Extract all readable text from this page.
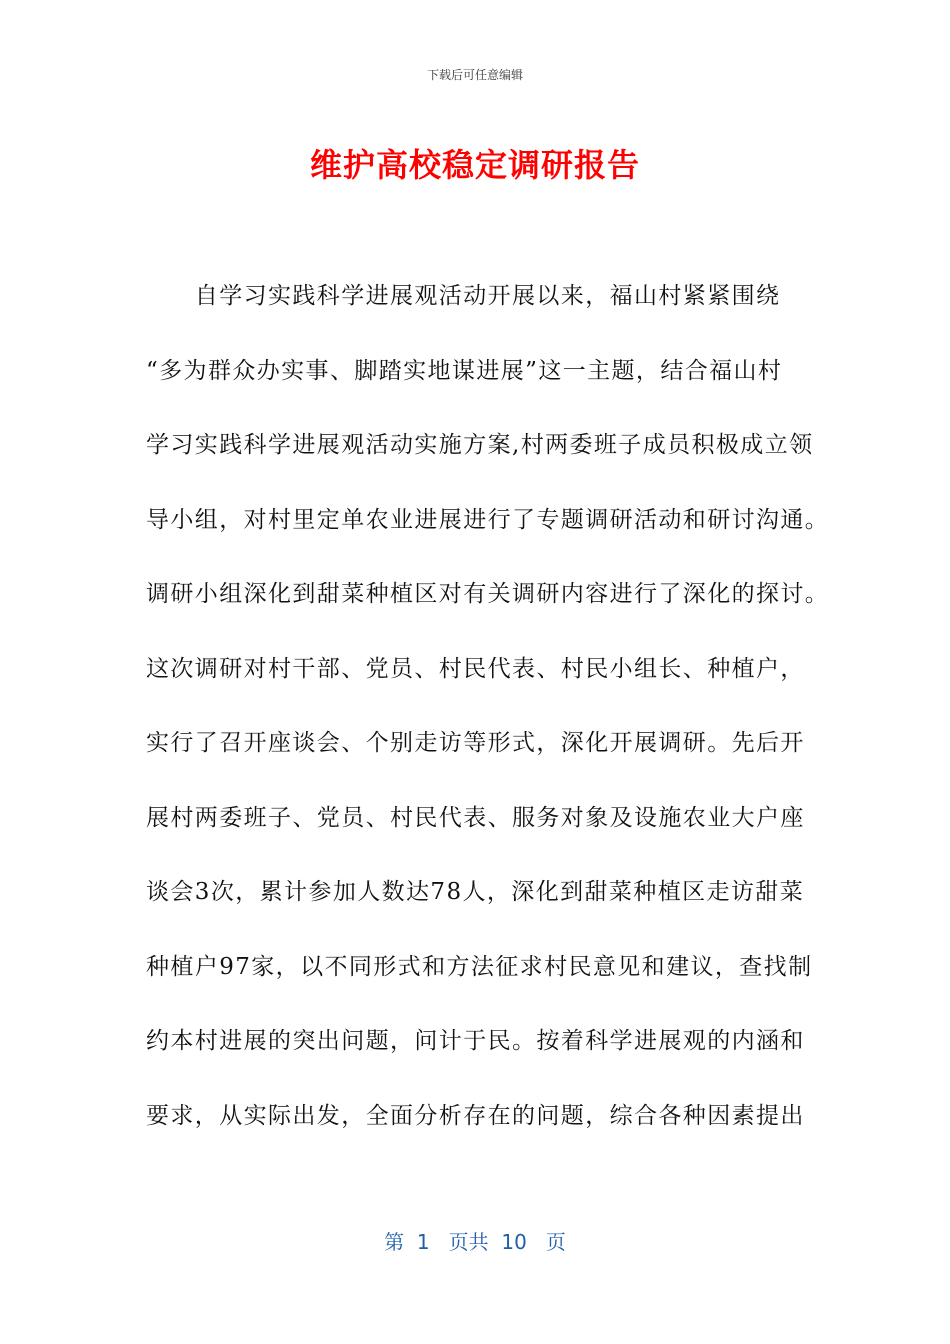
下载后可任意编辑
维护高校稳定调研报告
　　自学习实践科学进展观活动开展以来，福山村紧紧围绕
“多为群众办实事、脚踏实地谋进展”这一主题，结合福山村
学习实践科学进展观活动实施方案,村两委班子成员积极成立领
导小组，对村里定单农业进展进行了专题调研活动和研讨沟通。
调研小组深化到甜菜种植区对有关调研内容进行了深化的探讨。
这次调研对村干部、党员、村民代表、村民小组长、种植户，
实行了召开座谈会、个别走访等形式，深化开展调研。先后开
展村两委班子、党员、村民代表、服务对象及设施农业大户座
谈会3次，累计参加人数达78人，深化到甜菜种植区走访甜菜
种植户97家，以不同形式和方法征求村民意见和建议，查找制
约本村进展的突出问题，问计于民。按着科学进展观的内涵和
要求，从实际出发，全面分析存在的问题，综合各种因素提出
第  1   页共  10   页
